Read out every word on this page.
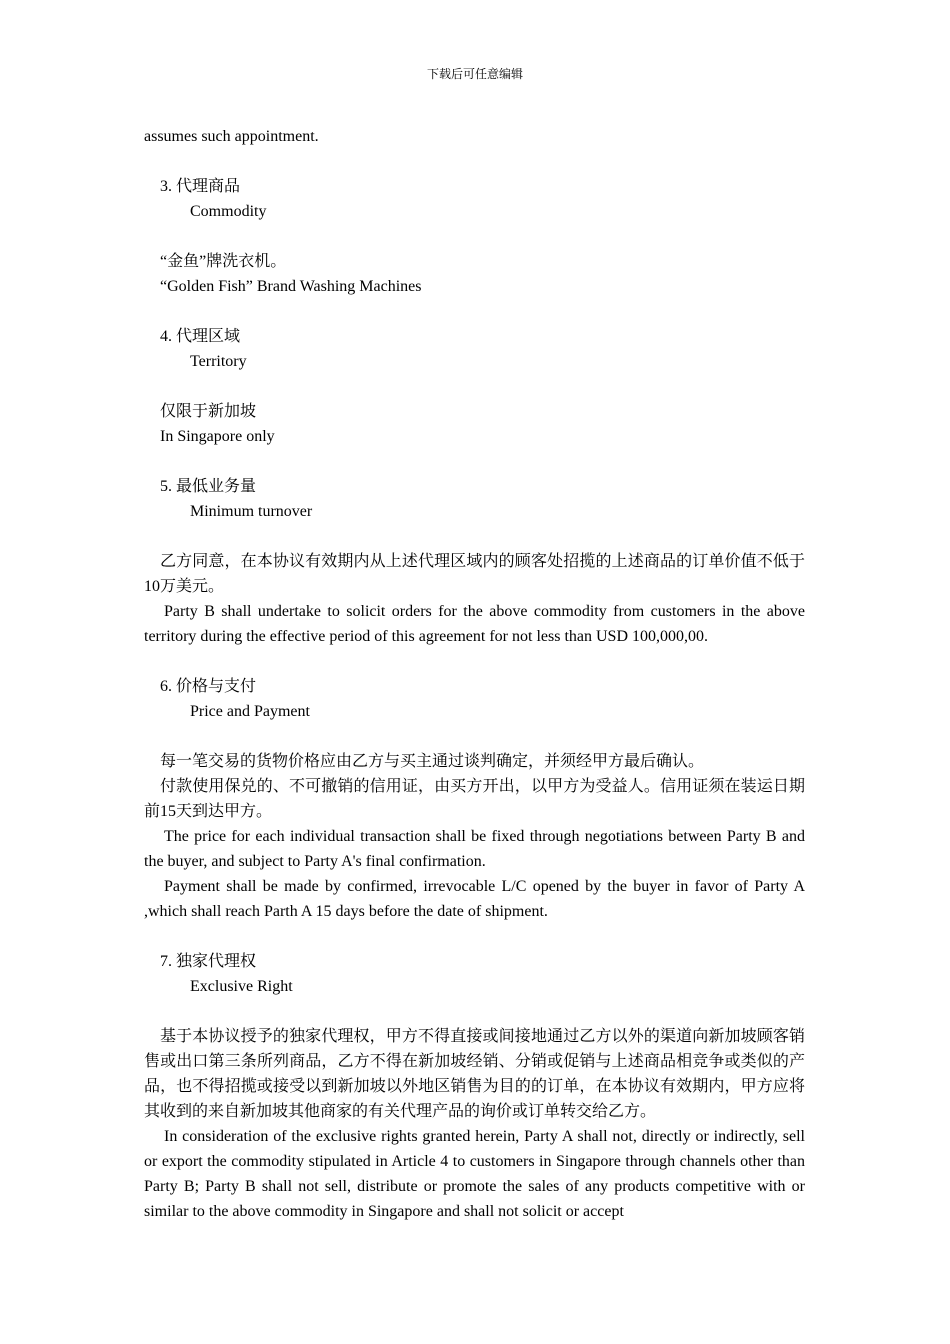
下载后可任意编辑

assumes such appointment.

3. 代理商品

Commodity

“金鱼”牌洗衣机。

“Golden Fish” Brand Washing Machines

4. 代理区域

Territory

仅限于新加坡

In Singapore only

5. 最低业务量

Minimum turnover

乙方同意，在本协议有效期内从上述代理区域内的顾客处招揽的上述商品的订单价值不低于10万美元。

Party B shall undertake to solicit orders for the above commodity from customers in the above territory during the effective period of this agreement for not less than USD 100,000,00.

6. 价格与支付

Price and Payment

每一笔交易的货物价格应由乙方与买主通过谈判确定，并须经甲方最后确认。

付款使用保兑的、不可撤销的信用证，由买方开出，以甲方为受益人。信用证须在装运日期前15天到达甲方。

The price for each individual transaction shall be fixed through negotiations between Party B and the buyer, and subject to Party A's final confirmation.

Payment shall be made by confirmed, irrevocable L/C opened by the buyer in favor of Party A ,which shall reach Parth A 15 days before the date of shipment.

7. 独家代理权

Exclusive Right

基于本协议授予的独家代理权，甲方不得直接或间接地通过乙方以外的渠道向新加坡顾客销售或出口第三条所列商品，乙方不得在新加坡经销、分销或促销与上述商品相竞争或类似的产品，也不得招揽或接受以到新加坡以外地区销售为目的的订单，在本协议有效期内，甲方应将其收到的来自新加坡其他商家的有关代理产品的询价或订单转交给乙方。

In consideration of the exclusive rights granted herein, Party A shall not, directly or indirectly, sell or export the commodity stipulated in Article 4 to customers in Singapore through channels other than Party B; Party B shall not sell, distribute or promote the sales of any products competitive with or similar to the above commodity in Singapore and shall not solicit or accept
